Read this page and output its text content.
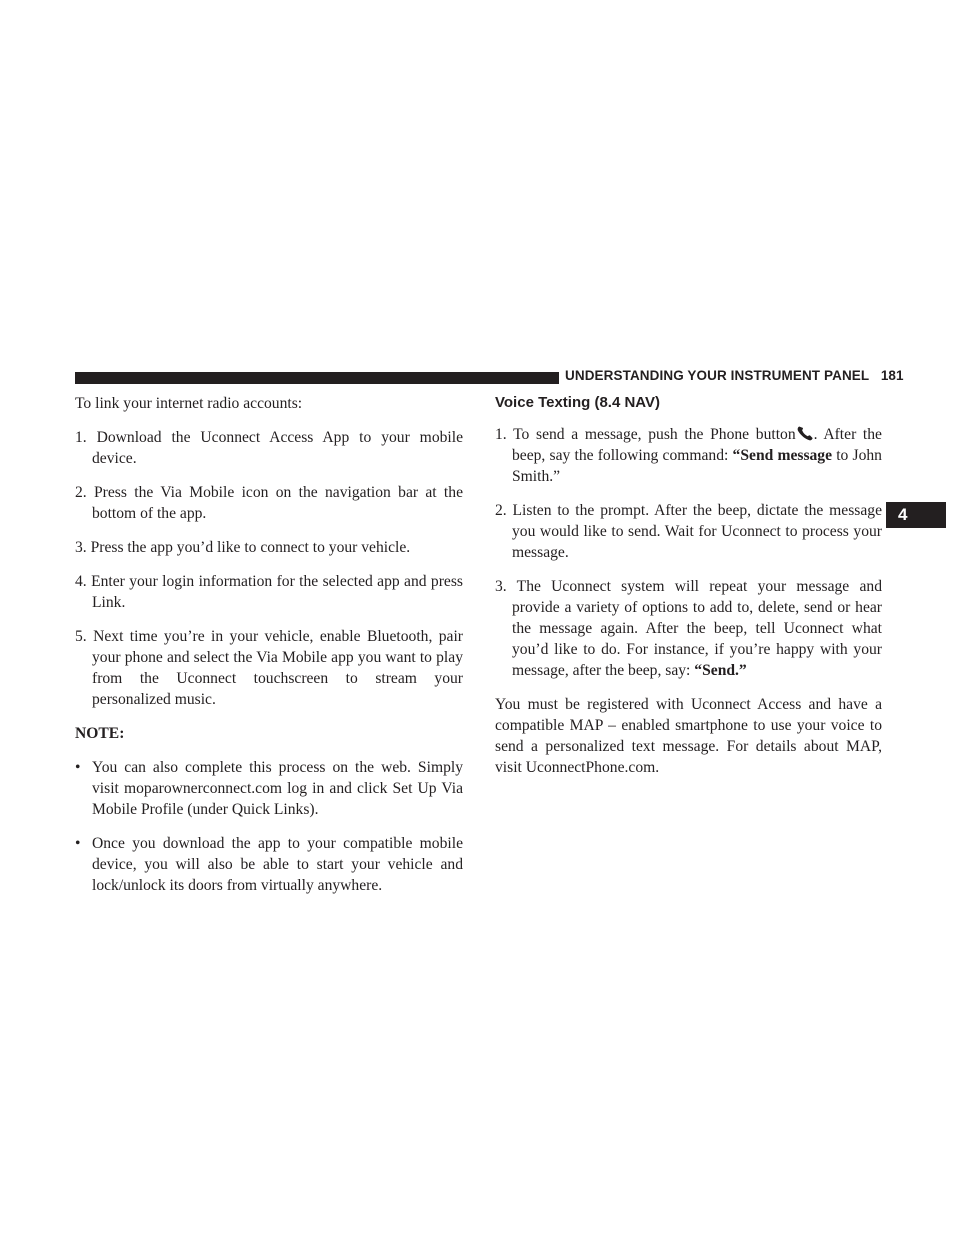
UNDERSTANDING YOUR INSTRUMENT PANEL 181
4

To link your internet radio accounts:

1. Download the Uconnect Access App to your mobile device.
2. Press the Via Mobile icon on the navigation bar at the bottom of the app.
3. Press the app you’d like to connect to your vehicle.
4. Enter your login information for the selected app and press Link.
5. Next time you’re in your vehicle, enable Bluetooth, pair your phone and select the Via Mobile app you want to play from the Uconnect touchscreen to stream your personalized music.
NOTE:
• You can also complete this process on the web. Simply visit moparownerconnect.com log in and click Set Up Via Mobile Profile (under Quick Links).
• Once you download the app to your compatible mobile device, you will also be able to start your vehicle and lock/unlock its doors from virtually anywhere.
Voice Texting (8.4 NAV)
1. To send a message, push the Phone button . After the beep, say the following command: “Send message to John Smith.”
2. Listen to the prompt. After the beep, dictate the message you would like to send. Wait for Uconnect to process your message.
3. The Uconnect system will repeat your message and provide a variety of options to add to, delete, send or hear the message again. After the beep, tell Uconnect what you’d like to do. For instance, if you’re happy with your message, after the beep, say: “Send.”

You must be registered with Uconnect Access and have a compatible MAP – enabled smartphone to use your voice to send a personalized text message. For details about MAP, visit UconnectPhone.com.
